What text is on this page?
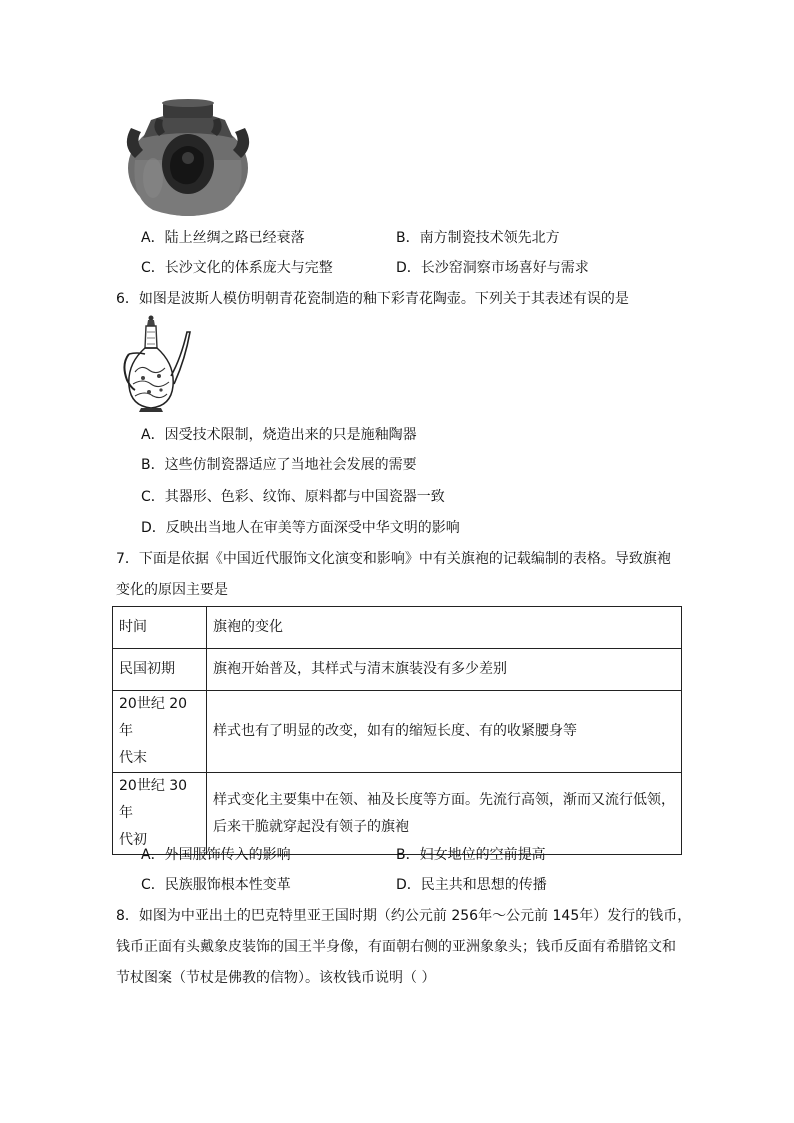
A．陆上丝绸之路已经衰落	B．南方制瓷技术领先北方
C．长沙文化的体系庞大与完整	D．长沙窑洞察市场喜好与需求
6．如图是波斯人模仿明朝青花瓷制造的釉下彩青花陶壶。下列关于其表述有误的是
A．因受技术限制，烧造出来的只是施釉陶器
B．这些仿制瓷器适应了当地社会发展的需要
C．其器形、色彩、纹饰、原料都与中国瓷器一致
D．反映出当地人在审美等方面深受中华文明的影响
7．下面是依据《中国近代服饰文化演变和影响》中有关旗袍的记载编制的表格。导致旗袍
变化的原因主要是
时间	旗袍的变化
民国初期	旗袍开始普及，其样式与清末旗装没有多少差别
20世纪 20年
代末	样式也有了明显的改变，如有的缩短长度、有的收紧腰身等
20世纪 30年
代初	样式变化主要集中在领、袖及长度等方面。先流行高领，渐而又流行低领，
后来干脆就穿起没有领子的旗袍
A．外国服饰传入的影响	B．妇女地位的空前提高
C．民族服饰根本性变革	D．民主共和思想的传播
8．如图为中亚出土的巴克特里亚王国时期（约公元前 256年～公元前 145年）发行的钱币，
钱币正面有头戴象皮装饰的国王半身像，有面朝右侧的亚洲象象头；钱币反面有希腊铭文和
节杖图案（节杖是佛教的信物）。该枚钱币说明（ ）
